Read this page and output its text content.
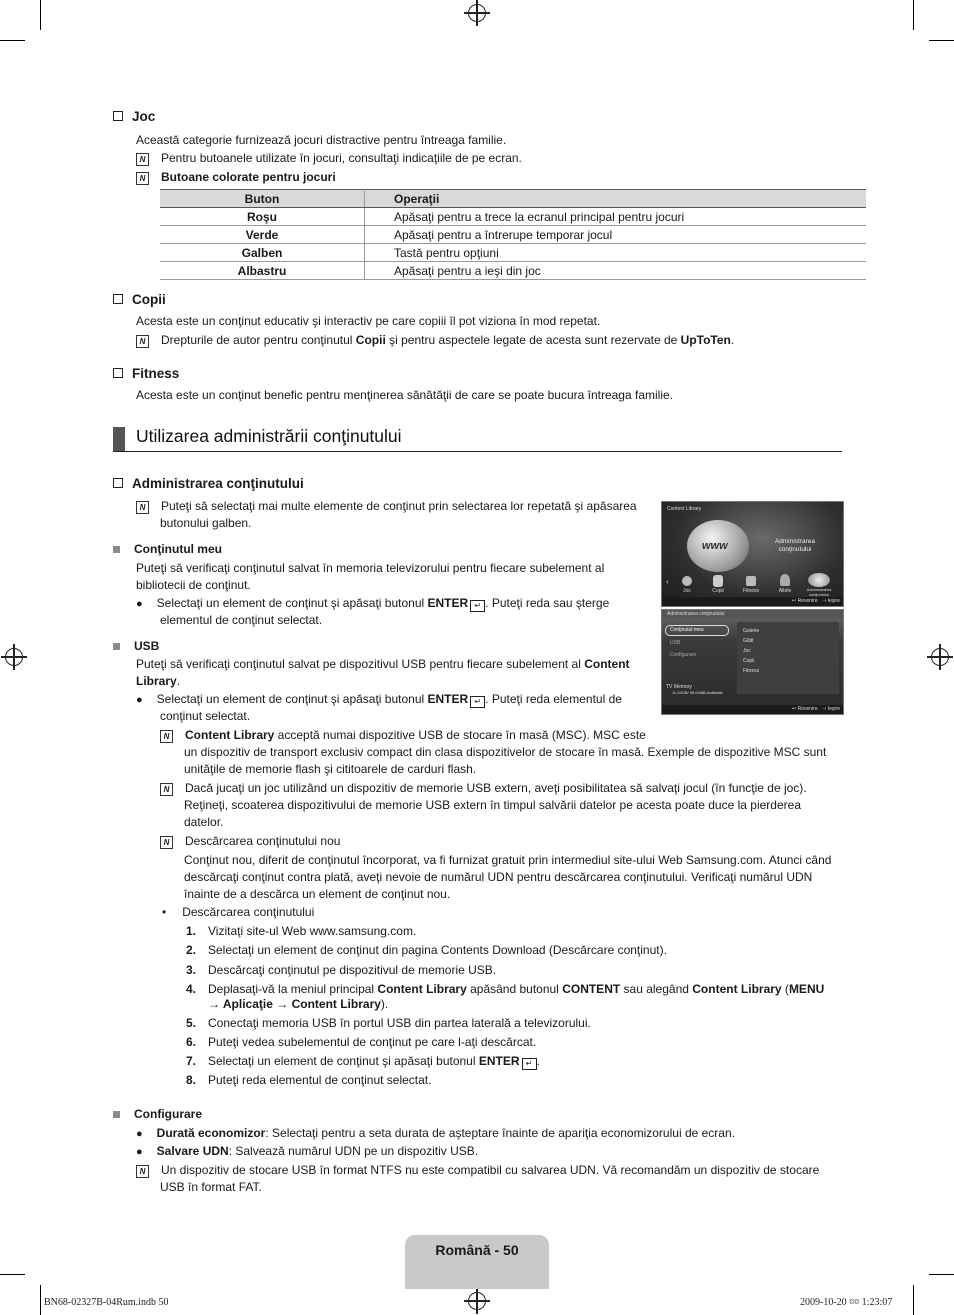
Joc
Această categorie furnizează jocuri distractive pentru întreaga familie.
N Pentru butoanele utilizate în jocuri, consultaţi indicaţiile de pe ecran.
N Butoane colorate pentru jocuri
Buton	Operaţii
Roşu	Apăsaţi pentru a trece la ecranul principal pentru jocuri
Verde	Apăsaţi pentru a întrerupe temporar jocul
Galben	Tastă pentru opţiuni
Albastru	Apăsaţi pentru a ieşi din joc
Copii
Acesta este un conţinut educativ şi interactiv pe care copiii îl pot viziona în mod repetat.
N Drepturile de autor pentru conţinutul Copii şi pentru aspectele legate de acesta sunt rezervate de UpToTen.
Fitness
Acesta este un conţinut benefic pentru menţinerea sănătăţii de care se poate bucura întreaga familie.
Utilizarea administrării conţinutului
Administrarea conţinutului
N Puteţi să selectaţi mai multe elemente de conţinut prin selectarea lor repetată şi apăsarea
butonului galben.
Conţinutul meu
Puteţi să verificaţi conţinutul salvat în memoria televizorului pentru fiecare subelement al
bibliotecii de conţinut.
● Selectaţi un element de conţinut şi apăsaţi butonul ENTER ↵ . Puteţi reda sau şterge
elementul de conţinut selectat.
USB
Puteţi să verificaţi conţinutul salvat pe dispozitivul USB pentru fiecare subelement al Content
Library.
● Selectaţi un element de conţinut şi apăsaţi butonul ENTER ↵ . Puteţi reda elementul de
conţinut selectat.
N Content Library acceptă numai dispozitive USB de stocare în masă (MSC). MSC este
un dispozitiv de transport exclusiv compact din clasa dispozitivelor de stocare în masă. Exemple de dispozitive MSC sunt
unităţile de memorie flash şi cititoarele de carduri flash.
N Dacă jucaţi un joc utilizând un dispozitiv de memorie USB extern, aveţi posibilitatea să salvaţi jocul (în funcţie de joc).
Reţineţi, scoaterea dispozitivului de memorie USB extern în timpul salvării datelor pe acesta poate duce la pierderea
datelor.
N Descărcarea conţinutului nou
Conţinut nou, diferit de conţinutul încorporat, va fi furnizat gratuit prin intermediul site-ului Web Samsung.com. Atunci când
descărcaţi conţinut contra plată, aveţi nevoie de numărul UDN pentru descărcarea conţinutului. Verificaţi numărul UDN
înainte de a descărca un element de conţinut nou.
• Descărcarea conţinutului
1. Vizitaţi site-ul Web www.samsung.com.
2. Selectaţi un element de conţinut din pagina Contents Download (Descărcare conţinut).
3. Descărcaţi conţinutul pe dispozitivul de memorie USB.
4. Deplasaţi-vă la meniul principal Content Library apăsând butonul CONTENT sau alegând Content Library (MENU
→ Aplicaţie → Content Library).
5. Conectaţi memoria USB în portul USB din partea laterală a televizorului.
6. Puteţi vedea subelementul de conţinut pe care l-aţi descărcat.
7. Selectaţi un element de conţinut şi apăsaţi butonul ENTER ↵ .
8. Puteţi reda elementul de conţinut selectat.
Configurare
● Durată economizor: Selectaţi pentru a seta durata de aşteptare înainte de apariţia economizorului de ecran.
● Salvare UDN: Salvează numărul UDN pe un dispozitiv USB.
N Un dispozitiv de stocare USB în format NTFS nu este compatibil cu salvarea UDN. Vă recomandăm un dispozitiv de stocare
USB în format FAT.
Content Library
www	Administrarea
conţinutului
‹
Joc	Copii	Fitness	Altele	Administrarea conţinutului
↩ Revenire ⊣ Ieşire
Administrarea conţinutului
Conţinutul meu
USB
Configurare
Galerie
Gătit
Joc
Copii
Fitness
TV Memory
11.94GB/ 98.00MB Available
↩ Revenire ⊣ Ieşire
Română - 50
BN68-02327B-04Rum.indb 50	2009-10-20 ¤¤ 1:23:07
